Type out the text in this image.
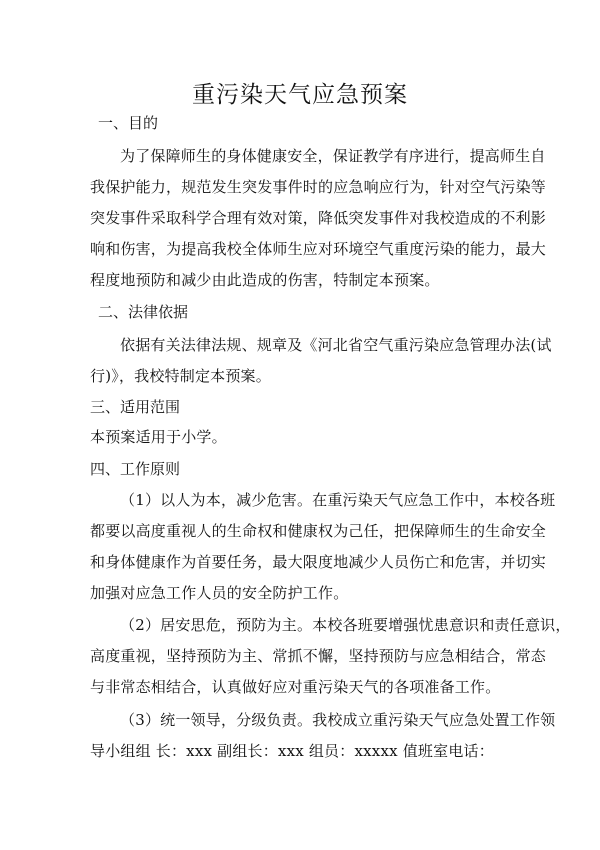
重污染天气应急预案
一、目的
为了保障师生的身体健康安全，保证教学有序进行，提高师生自
我保护能力，规范发生突发事件时的应急响应行为，针对空气污染等
突发事件采取科学合理有效对策，降低突发事件对我校造成的不利影
响和伤害，为提高我校全体师生应对环境空气重度污染的能力，最大
程度地预防和减少由此造成的伤害，特制定本预案。
二、法律依据
依据有关法律法规、规章及《河北省空气重污染应急管理办法(试
行)》，我校特制定本预案。
三、适用范围
本预案适用于小学。
四、工作原则
（1）以人为本，减少危害。在重污染天气应急工作中，本校各班
都要以高度重视人的生命权和健康权为己任，把保障师生的生命安全
和身体健康作为首要任务，最大限度地减少人员伤亡和危害，并切实
加强对应急工作人员的安全防护工作。
（2）居安思危，预防为主。本校各班要增强忧患意识和责任意识，
高度重视，坚持预防为主、常抓不懈，坚持预防与应急相结合，常态
与非常态相结合，认真做好应对重污染天气的各项准备工作。
（3）统一领导，分级负责。我校成立重污染天气应急处置工作领
导小组组 长：xxx 副组长：xxx 组员：xxxxx 值班室电话：
